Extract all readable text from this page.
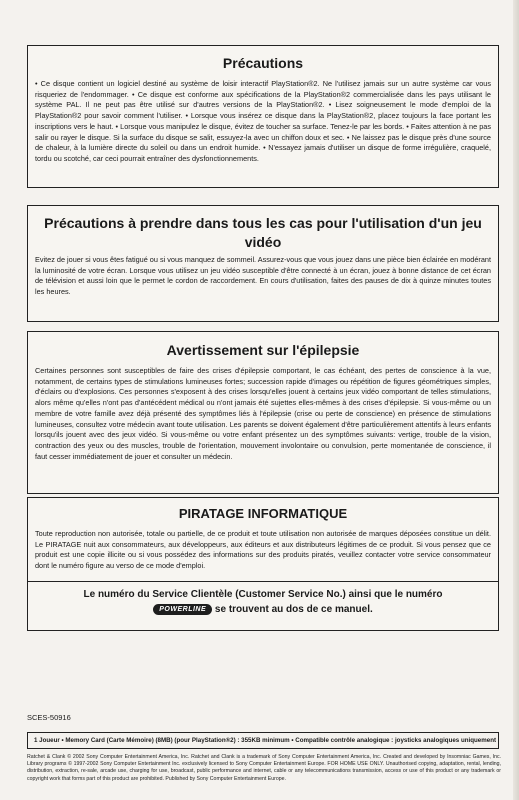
Précautions

• Ce disque contient un logiciel destiné au système de loisir interactif PlayStation®2. Ne l'utilisez jamais sur un autre système car vous risqueriez de l'endommager. • Ce disque est conforme aux spécifications de la PlayStation®2 commercialisée dans les pays utilisant le système PAL. Il ne peut pas être utilisé sur d'autres versions de la PlayStation®2. • Lisez soigneusement le mode d'emploi de la PlayStation®2 pour savoir comment l'utiliser. • Lorsque vous insérez ce disque dans la PlayStation®2, placez toujours la face portant les inscriptions vers le haut. • Lorsque vous manipulez le disque, évitez de toucher sa surface. Tenez-le par les bords. • Faites attention à ne pas salir ou rayer le disque. Si la surface du disque se salit, essuyez-la avec un chiffon doux et sec. • Ne laissez pas le disque près d'une source de chaleur, à la lumière directe du soleil ou dans un endroit humide. • N'essayez jamais d'utiliser un disque de forme irrégulière, craquelé, tordu ou scotché, car ceci pourrait entraîner des dysfonctionnements.

Précautions à prendre dans tous les cas pour l'utilisation d'un jeu vidéo

Evitez de jouer si vous êtes fatigué ou si vous manquez de sommeil. Assurez-vous que vous jouez dans une pièce bien éclairée en modérant la luminosité de votre écran. Lorsque vous utilisez un jeu vidéo susceptible d'être connecté à un écran, jouez à bonne distance de cet écran de télévision et aussi loin que le permet le cordon de raccordement. En cours d'utilisation, faites des pauses de dix à quinze minutes toutes les heures.

Avertissement sur l'épilepsie

Certaines personnes sont susceptibles de faire des crises d'épilepsie comportant, le cas échéant, des pertes de conscience à la vue, notamment, de certains types de stimulations lumineuses fortes; succession rapide d'images ou répétition de figures géométriques simples, d'éclairs ou d'explosions. Ces personnes s'exposent à des crises lorsqu'elles jouent à certains jeux vidéo comportant de telles stimulations, alors même qu'elles n'ont pas d'antécédent médical ou n'ont jamais été sujettes elles-mêmes à des crises d'épilepsie. Si vous-même ou un membre de votre famille avez déjà présenté des symptômes liés à l'épilepsie (crise ou perte de conscience) en présence de stimulations lumineuses, consultez votre médecin avant toute utilisation. Les parents se doivent également d'être particulièrement attentifs à leurs enfants lorsqu'ils jouent avec des jeux vidéo. Si vous-même ou votre enfant présentez un des symptômes suivants: vertige, trouble de la vision, contraction des yeux ou des muscles, trouble de l'orientation, mouvement involontaire ou convulsion, perte momentanée de conscience, il faut cesser immédiatement de jouer et consulter un médecin.

PIRATAGE INFORMATIQUE

Toute reproduction non autorisée, totale ou partielle, de ce produit et toute utilisation non autorisée de marques déposées constitue un délit. Le PIRATAGE nuit aux consommateurs, aux développeurs, aux éditeurs et aux distributeurs légitimes de ce produit. Si vous pensez que ce produit est une copie illicite ou si vous possédez des informations sur des produits piratés, veuillez contacter votre service consommateur dont le numéro figure au verso de ce mode d'emploi.

Le numéro du Service Clientèle (Customer Service No.) ainsi que le numéro
POWERLINE se trouvent au dos de ce manuel.
SCES-50916
1 Joueur • Memory Card (Carte Mémoire) (8MB) (pour PlayStation®2) : 355KB minimum • Compatible contrôle analogique : joysticks analogiques uniquement
Ratchet & Clank © 2002 Sony Computer Entertainment America, Inc. Ratchet and Clank is a trademark of Sony Computer Entertainment America, Inc. Created and developed by Insomniac Games, Inc. Library programs © 1997-2002 Sony Computer Entertainment Inc. exclusively licensed to Sony Computer Entertainment Europe. FOR HOME USE ONLY. Unauthorised copying, adaptation, rental, lending, distribution, extraction, re-sale, arcade use, charging for use, broadcast, public performance and internet, cable or any telecommunications transmission, access or use of this product or any trademark or copyright work that forms part of this product are prohibited. Published by Sony Computer Entertainment Europe.
